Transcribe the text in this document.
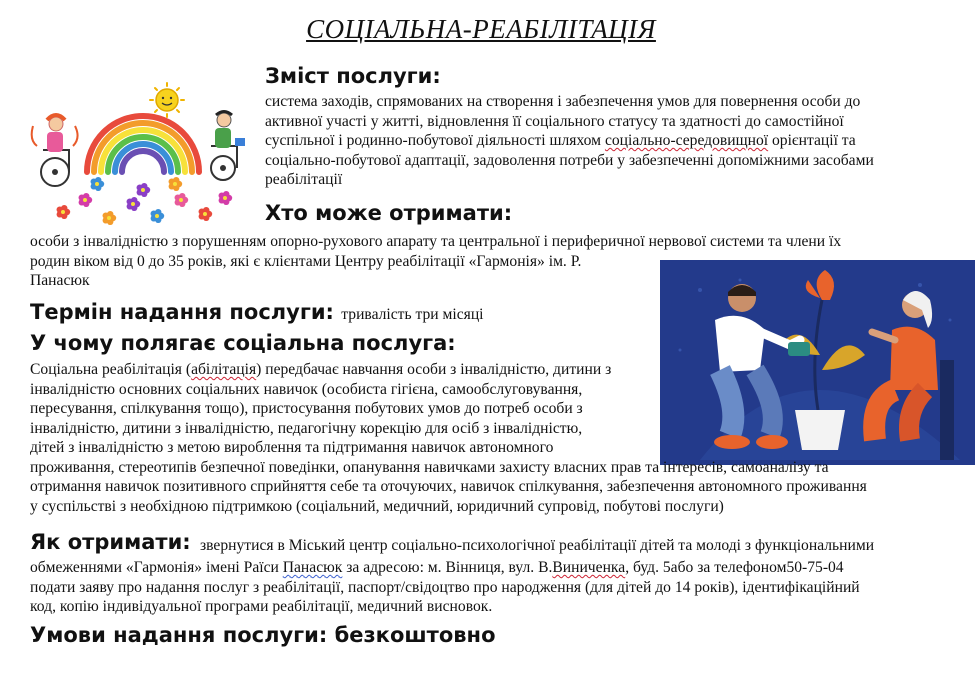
СОЦІАЛЬНА-РЕАБІЛІТАЦІЯ
Зміст послуги:
система заходів, спрямованих на створення і забезпечення умов для повернення особи до
активної участі у житті, відновлення її соціального статусу та здатності до самостійної
суспільної і родинно-побутової діяльності шляхом соціально-середовищної орієнтації та
соціально-побутової адаптації, задоволення потреби у забезпеченні допоміжними засобами
реабілітації
Хто може отримати:
особи з інвалідністю з порушенням опорно-рухового апарату та центральної і периферичної нервової системи та члени їх
родин віком від 0 до 35 років, які є клієнтами Центру реабілітації «Гармонія» ім. Р.
Панасюк
Термін надання послуги: тривалість три місяці
У чому полягає соціальна послуга:
Соціальна реабілітація (абілітація) передбачає навчання особи з інвалідністю, дитини з
інвалідністю основних соціальних навичок (особиста гігієна, самообслуговування,
пересування, спілкування тощо), пристосування побутових умов до потреб особи з
інвалідністю, дитини з інвалідністю, педагогічну корекцію для осіб з інвалідністю,
дітей з інвалідністю з метою вироблення та підтримання навичок автономного
проживання, стереотипів безпечної поведінки, опанування навичками захисту власних прав та інтересів, самоаналізу та
отримання навичок позитивного сприйняття себе та оточуючих, навичок спілкування, забезпечення автономного проживання
у суспільстві з необхідною підтримкою (соціальний, медичний, юридичний супровід, побутові послуги)
Як отримати: звернутися в Міський центр соціально-психологічної реабілітації дітей та молоді з функціональними
обмеженнями «Гармонія» імені Раїси Панасюк за адресою: м. Вінниця, вул. В.Виниченка, буд. 5або за телефоном50-75-04
подати заяву про надання послуг з реабілітації, паспорт/свідоцтво про народження (для дітей до 14 років), ідентифікаційний
код, копію індивідуальної програми реабілітації, медичний висновок.
Умови надання послуги: безкоштовно
